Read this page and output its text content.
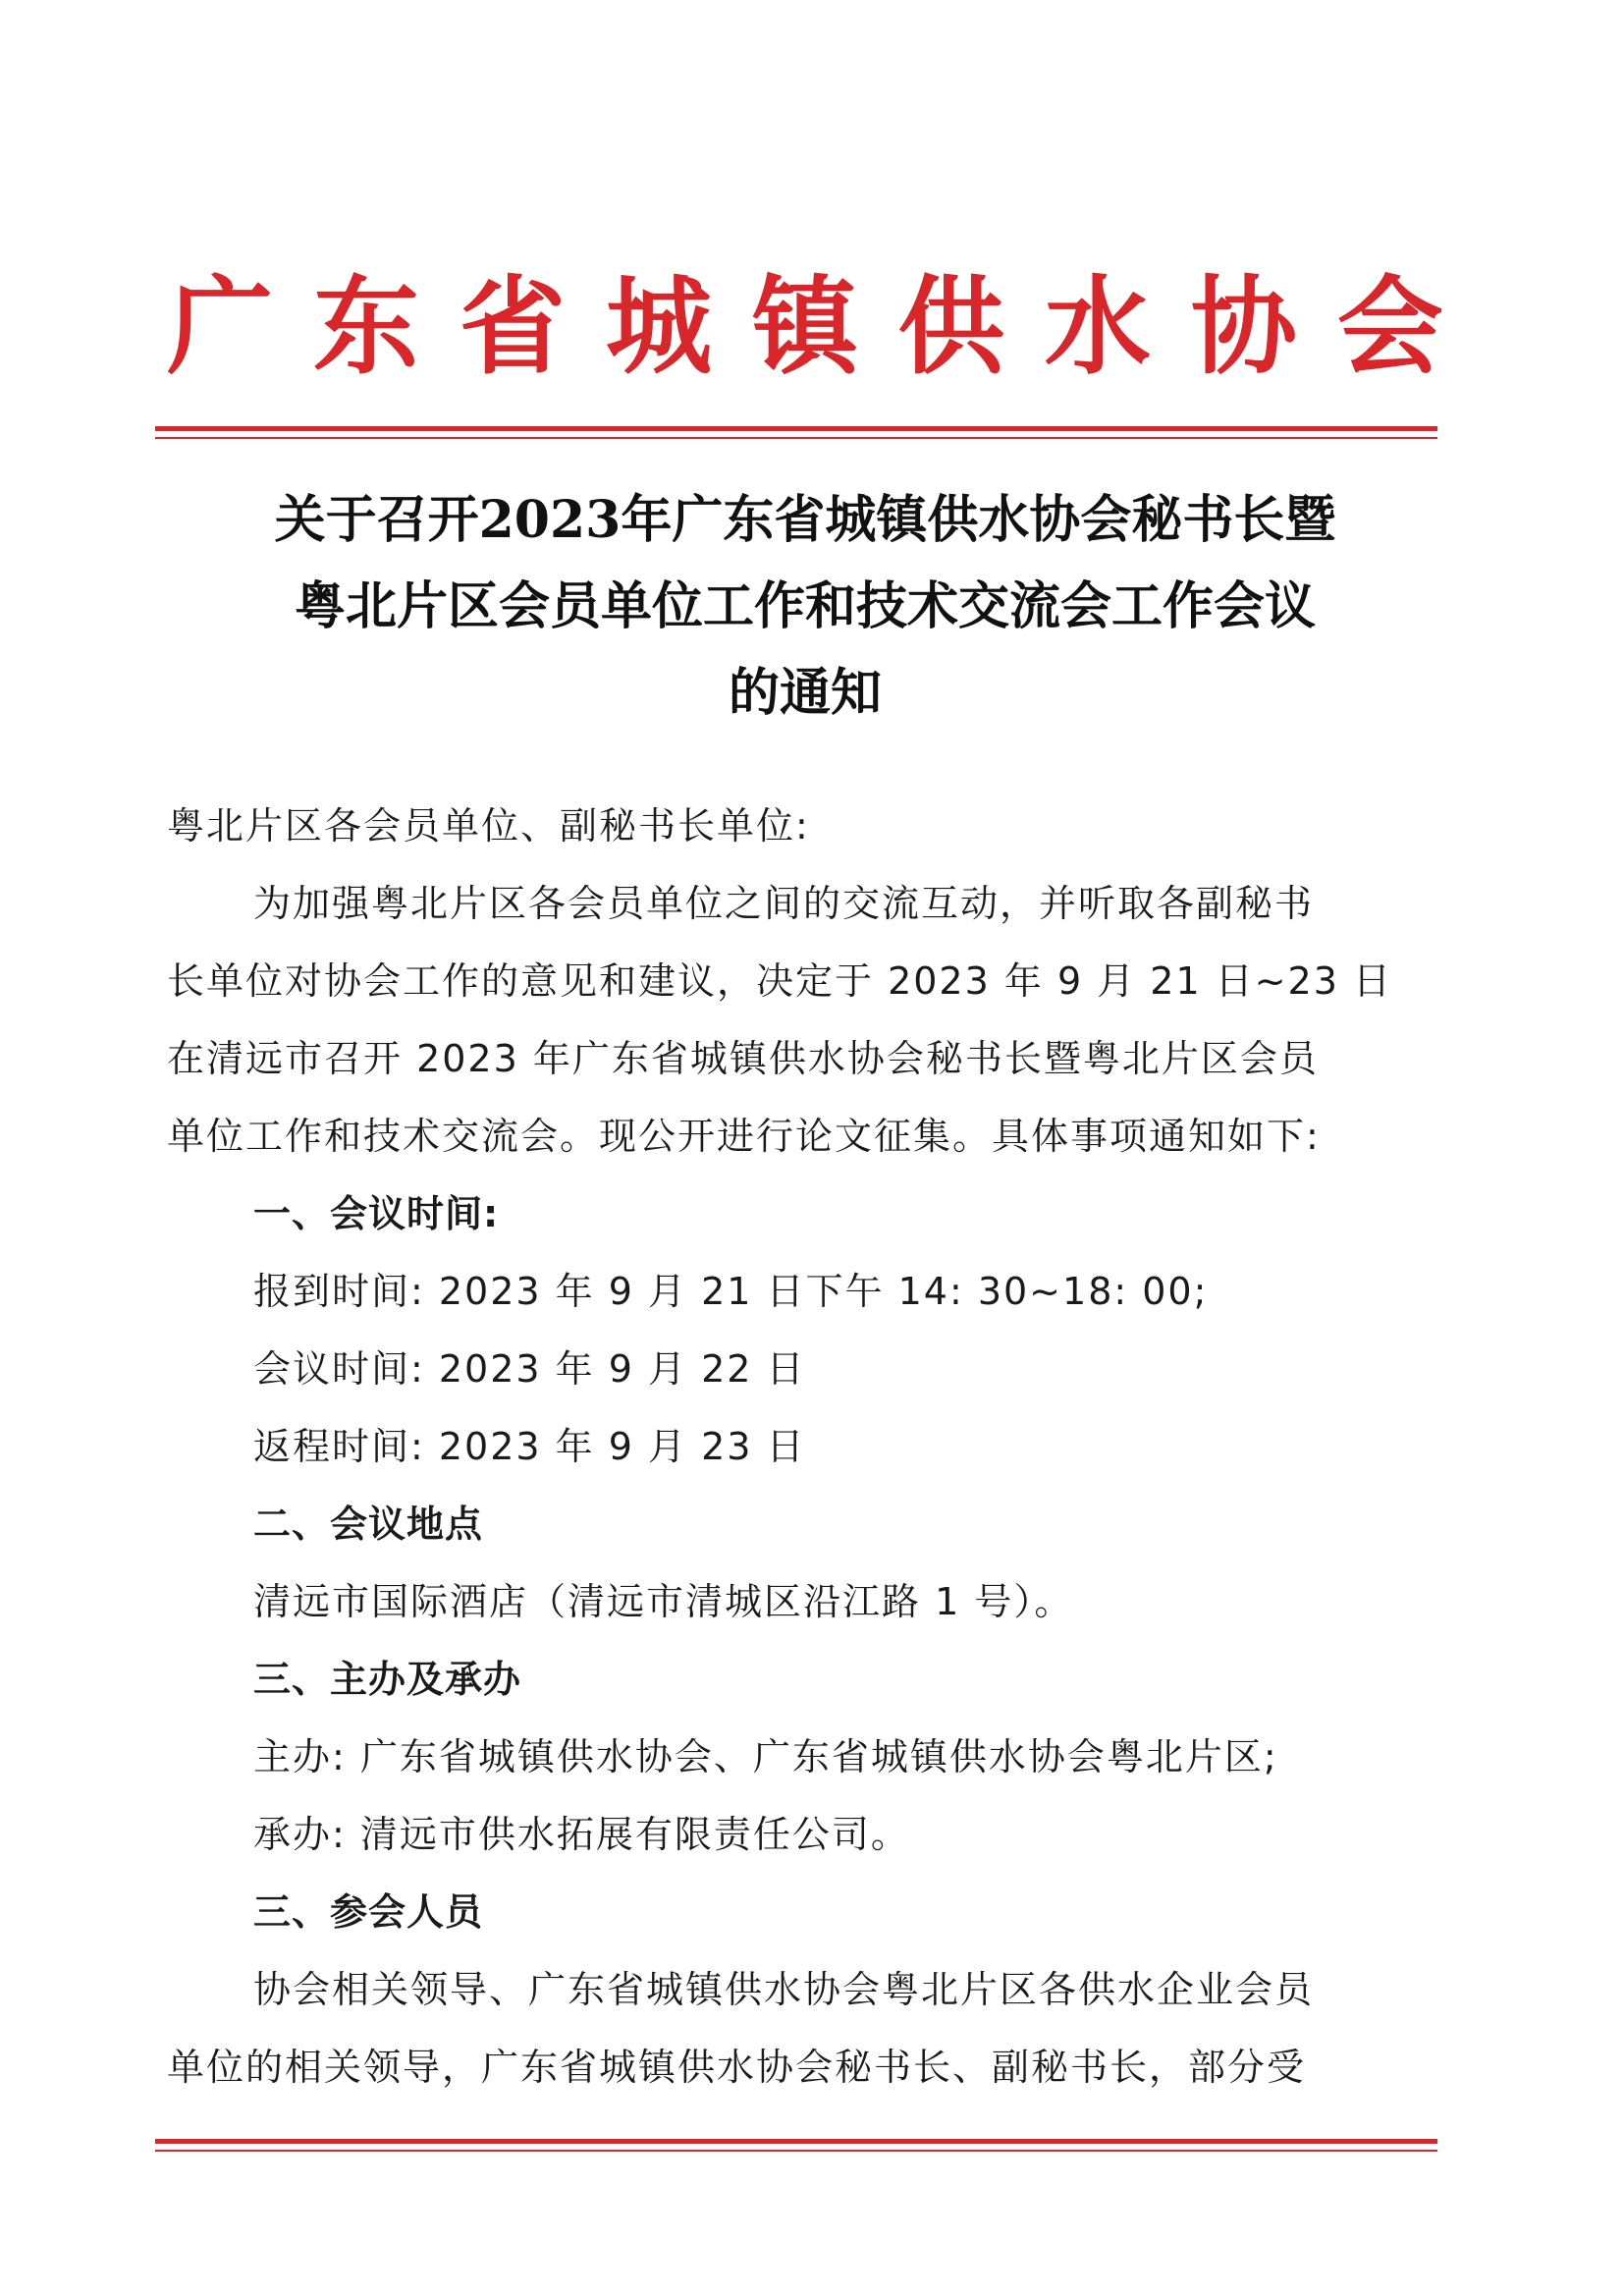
广 东 省 城 镇 供 水 协 会
关于召开2023年广东省城镇供水协会秘书长暨
粤北片区会员单位工作和技术交流会工作会议
的通知

粤北片区各会员单位、副秘书长单位:

为加强粤北片区各会员单位之间的交流互动，并听取各副秘书

长单位对协会工作的意见和建议，决定于 2023 年 9 月 21 日~23 日

在清远市召开 2023 年广东省城镇供水协会秘书长暨粤北片区会员

单位工作和技术交流会。现公开进行论文征集。具体事项通知如下:

一、会议时间:

报到时间: 2023 年 9 月 21 日下午 14: 30~18: 00;

会议时间: 2023 年 9 月 22 日

返程时间: 2023 年 9 月 23 日

二、会议地点

清远市国际酒店（清远市清城区沿江路 1 号）。

三、主办及承办

主办: 广东省城镇供水协会、广东省城镇供水协会粤北片区;

承办: 清远市供水拓展有限责任公司。

三、参会人员

协会相关领导、广东省城镇供水协会粤北片区各供水企业会员

单位的相关领导，广东省城镇供水协会秘书长、副秘书长，部分受
